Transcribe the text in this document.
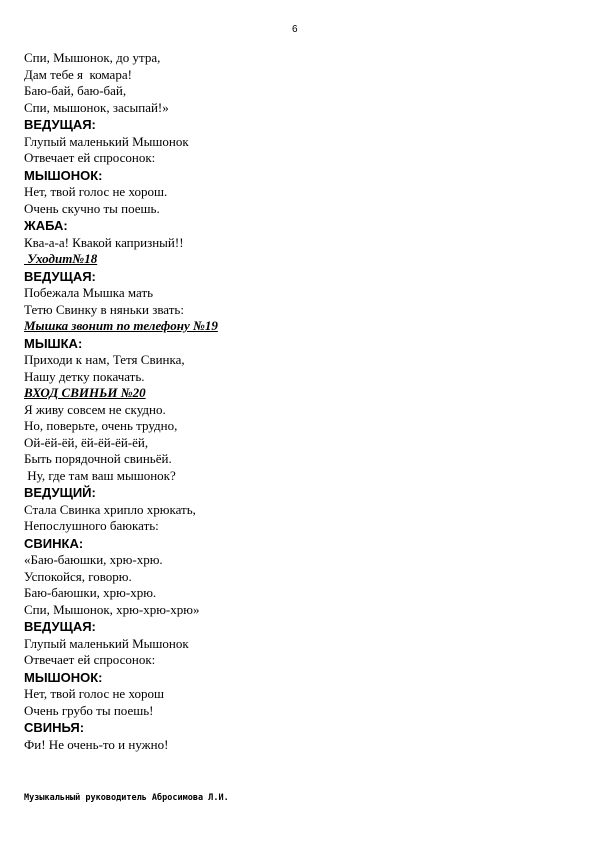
6
Спи, Мышонок, до утра,
Дам тебе я  комара!
Баю-бай, баю-бай,
Спи, мышонок, засыпай!»
ВЕДУЩАЯ:
Глупый маленький Мышонок
Отвечает ей спросонок:
МЫШОНОК:
Нет, твой голос не хорош.
Очень скучно ты поешь.
ЖАБА:
Ква-а-а! Квакой капризный!!
Уходит№18
ВЕДУЩАЯ:
Побежала Мышка мать
Тетю Свинку в няньки звать:
Мышка звонит по телефону №19
МЫШКА:
Приходи к нам, Тетя Свинка,
Нашу детку покачать.
ВХОД СВИНЬИ №20
Я живу совсем не скудно.
Но, поверьте, очень трудно,
Ой-ёй-ёй, ёй-ёй-ёй-ёй,
Быть порядочной свиньёй.
Ну, где там ваш мышонок?
ВЕДУЩИЙ:
Стала Свинка хрипло хрюкать,
Непослушного баюкать:
СВИНКА:
«Баю-баюшки, хрю-хрю.
Успокойся, говорю.
Баю-баюшки, хрю-хрю.
Спи, Мышонок, хрю-хрю-хрю»
ВЕДУЩАЯ:
Глупый маленький Мышонок
Отвечает ей спросонок:
МЫШОНОК:
Нет, твой голос не хорош
Очень грубо ты поешь!
СВИНЬЯ:
Фи! Не очень-то и нужно!
Музыкальный руководитель Абросимова Л.И.
